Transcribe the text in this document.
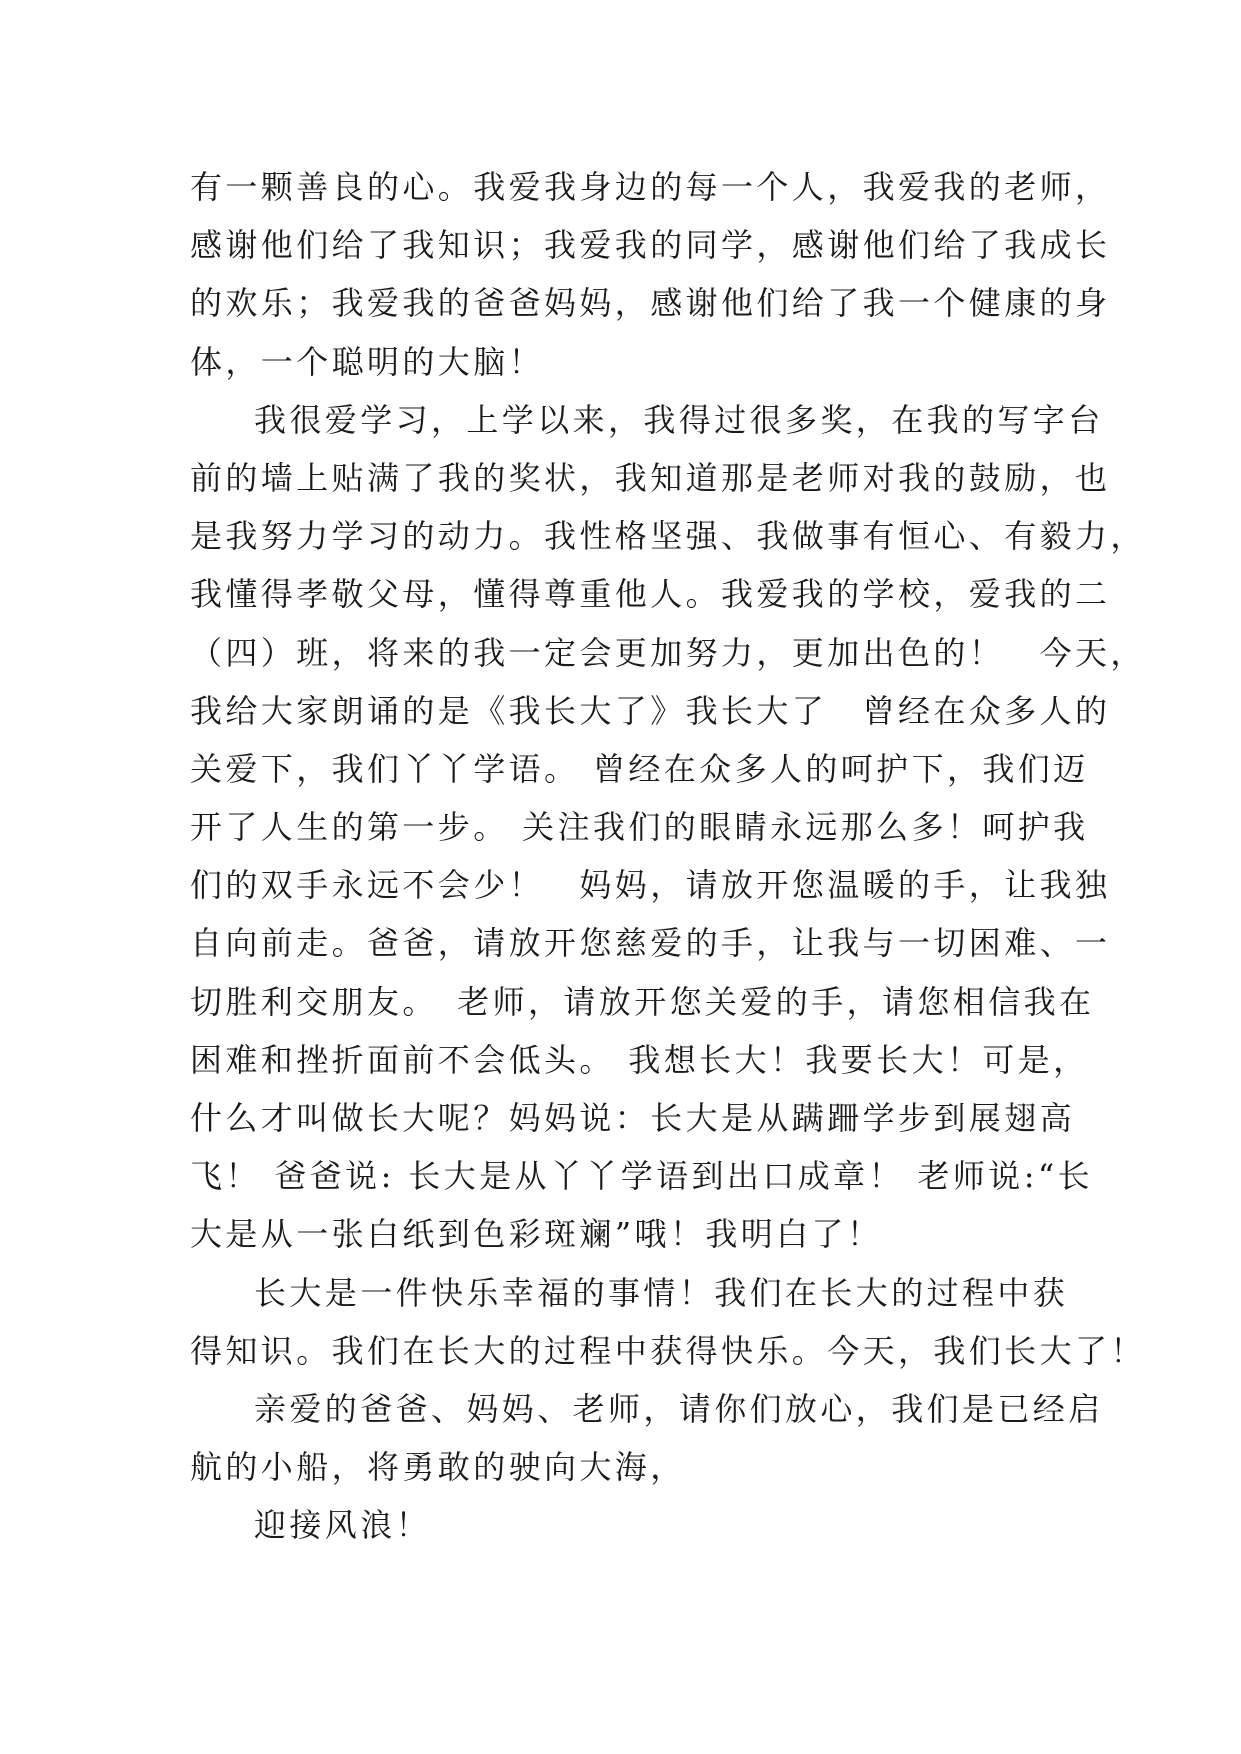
有一颗善良的心。我爱我身边的每一个人，我爱我的老师，
感谢他们给了我知识；我爱我的同学，感谢他们给了我成长
的欢乐；我爱我的爸爸妈妈，感谢他们给了我一个健康的身
体，一个聪明的大脑！
我很爱学习，上学以来，我得过很多奖，在我的写字台
前的墙上贴满了我的奖状，我知道那是老师对我的鼓励，也
是我努力学习的动力。我性格坚强、我做事有恒心、有毅力，
我懂得孝敬父母，懂得尊重他人。我爱我的学校，爱我的二
（四）班，将来的我一定会更加努力，更加出色的！　今天，
我给大家朗诵的是《我长大了》我长大了　曾经在众多人的
关爱下，我们丫丫学语。 曾经在众多人的呵护下，我们迈
开了人生的第一步。 关注我们的眼睛永远那么多！呵护我
们的双手永远不会少！　妈妈，请放开您温暖的手，让我独
自向前走。爸爸，请放开您慈爱的手，让我与一切困难、一
切胜利交朋友。　老师，请放开您关爱的手，请您相信我在
困难和挫折面前不会低头。 我想长大！我要长大！可是，
什么才叫做长大呢？妈妈说：长大是从蹒跚学步到展翅高
飞！ 爸爸说: 长大是从丫丫学语到出口成章！ 老师说:“长
大是从一张白纸到色彩斑斓”哦！我明白了！
长大是一件快乐幸福的事情！我们在长大的过程中获
得知识。我们在长大的过程中获得快乐。今天，我们长大了！
亲爱的爸爸、妈妈、老师，请你们放心，我们是已经启
航的小船，将勇敢的驶向大海，
迎接风浪！
